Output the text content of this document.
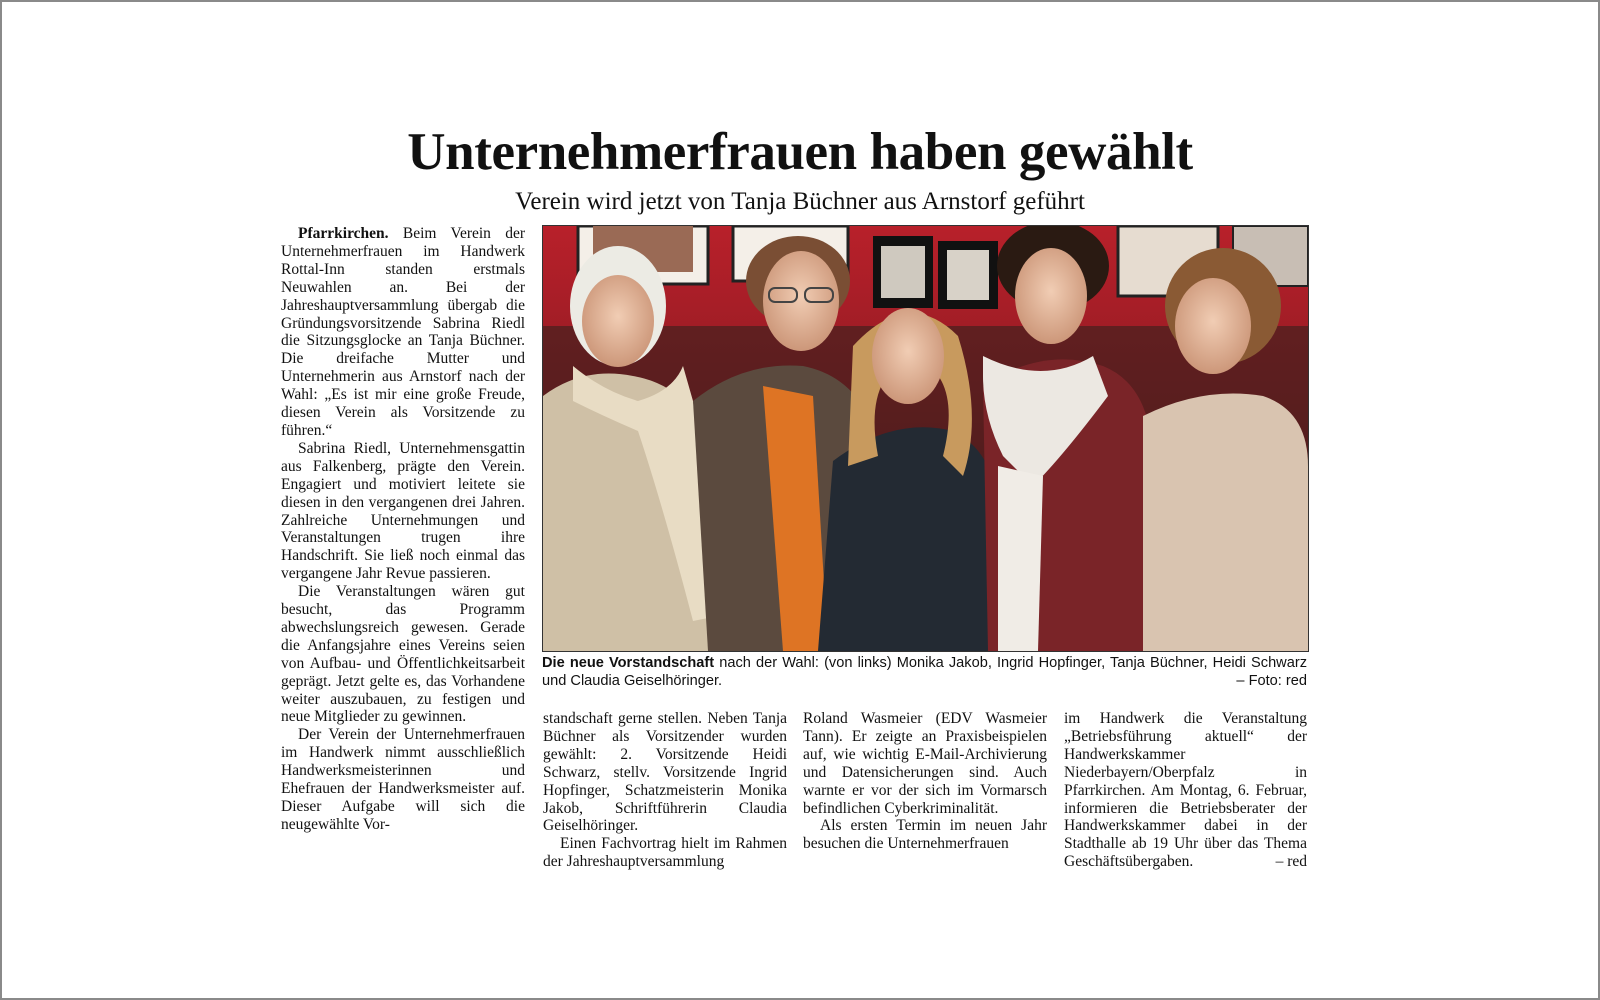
Unternehmerfrauen haben gewählt
Verein wird jetzt von Tanja Büchner aus Arnstorf geführt

Pfarrkirchen. Beim Verein der Unternehmerfrauen im Handwerk Rottal-Inn standen erstmals Neuwahlen an. Bei der Jahreshauptversammlung übergab die Gründungsvorsitzende Sabrina Riedl die Sitzungsglocke an Tanja Büchner. Die dreifache Mutter und Unternehmerin aus Arnstorf nach der Wahl: „Es ist mir eine große Freude, diesen Verein als Vorsitzende zu führen.“

Sabrina Riedl, Unternehmensgattin aus Falkenberg, prägte den Verein. Engagiert und motiviert leitete sie diesen in den vergangenen drei Jahren. Zahlreiche Unternehmungen und Veranstaltungen trugen ihre Handschrift. Sie ließ noch einmal das vergangene Jahr Revue passieren.

Die Veranstaltungen wären gut besucht, das Programm abwechslungsreich gewesen. Gerade die Anfangsjahre eines Vereins seien von Aufbau- und Öffentlichkeitsarbeit geprägt. Jetzt gelte es, das Vorhandene weiter auszubauen, zu festigen und neue Mitglieder zu gewinnen.

Der Verein der Unternehmerfrauen im Handwerk nimmt ausschließlich Handwerksmeisterinnen und Ehefrauen der Handwerksmeister auf. Dieser Aufgabe will sich die neugewählte Vor-

Die neue Vorstandschaft nach der Wahl: (von links) Monika Jakob, Ingrid Hopfinger, Tanja Büchner, Heidi Schwarz und Claudia Geiselhöringer.	– Foto: red

standschaft gerne stellen. Neben Tanja Büchner als Vorsitzender wurden gewählt: 2. Vorsitzende Heidi Schwarz, stellv. Vorsitzende Ingrid Hopfinger, Schatzmeisterin Monika Jakob, Schriftführerin Claudia Geiselhöringer.

Einen Fachvortrag hielt im Rahmen der Jahreshauptversammlung

Roland Wasmeier (EDV Wasmeier Tann). Er zeigte an Praxisbeispielen auf, wie wichtig E-Mail-Archivierung und Datensicherungen sind. Auch warnte er vor der sich im Vormarsch befindlichen Cyberkriminalität.

Als ersten Termin im neuen Jahr besuchen die Unternehmerfrauen

im Handwerk die Veranstaltung „Betriebsführung aktuell“ der Handwerkskammer Niederbayern/Oberpfalz in Pfarrkirchen. Am Montag, 6. Februar, informieren die Betriebsberater der Handwerkskammer dabei in der Stadthalle ab 19 Uhr über das Thema Geschäftsübergaben.	– red
